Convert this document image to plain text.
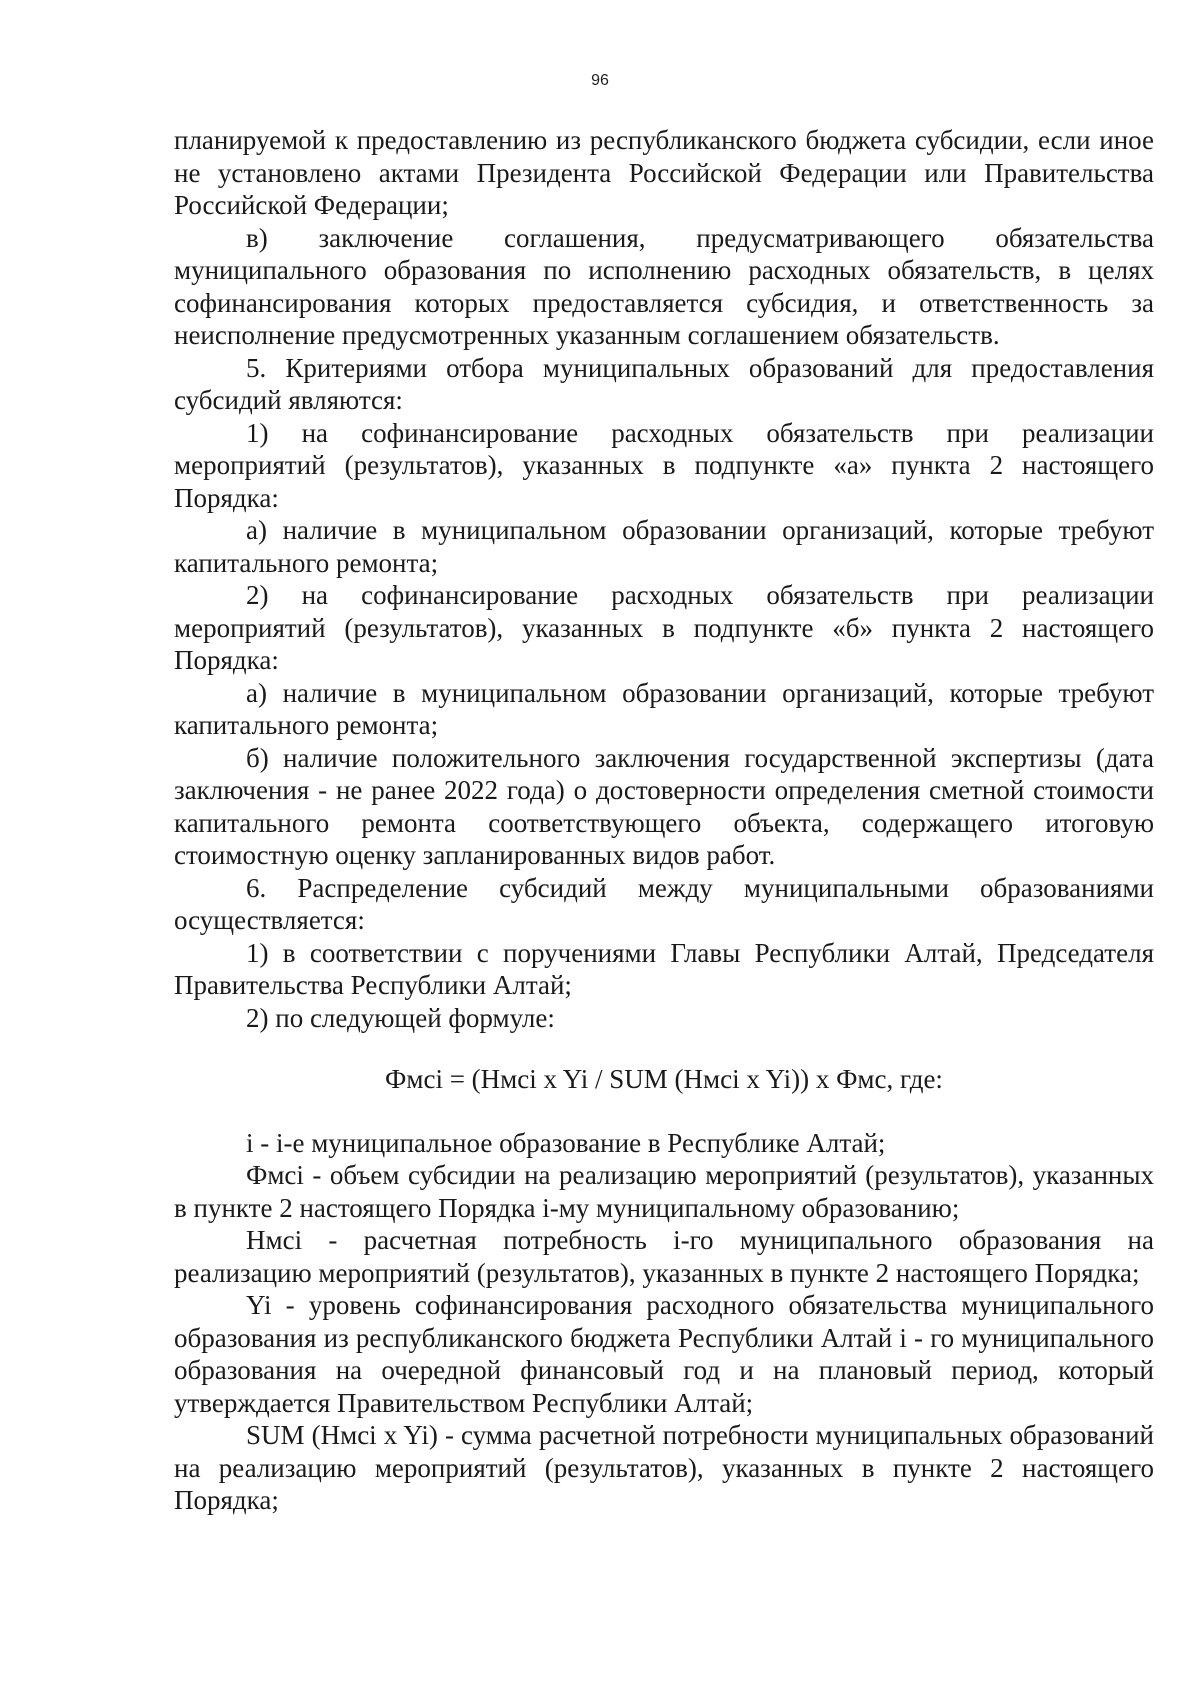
96

планируемой к предоставлению из республиканского бюджета субсидии, если иное не установлено актами Президента Российской Федерации или Правительства Российской Федерации;

в) заключение соглашения, предусматривающего обязательства муниципального образования по исполнению расходных обязательств, в целях софинансирования которых предоставляется субсидия, и ответственность за неисполнение предусмотренных указанным соглашением обязательств.

5. Критериями отбора муниципальных образований для предоставления субсидий являются:

1) на софинансирование расходных обязательств при реализации мероприятий (результатов), указанных в подпункте «а» пункта 2 настоящего Порядка:

а) наличие в муниципальном образовании организаций, которые требуют капитального ремонта;

2) на софинансирование расходных обязательств при реализации мероприятий (результатов), указанных в подпункте «б» пункта 2 настоящего Порядка:

а) наличие в муниципальном образовании организаций, которые требуют капитального ремонта;

б) наличие положительного заключения государственной экспертизы (дата заключения - не ранее 2022 года) о достоверности определения сметной стоимости капитального ремонта соответствующего объекта, содержащего итоговую стоимостную оценку запланированных видов работ.

6. Распределение субсидий между муниципальными образованиями осуществляется:

1) в соответствии с поручениями Главы Республики Алтай, Председателя Правительства Республики Алтай;

2) по следующей формуле:

Фмсi = (Нмсi x Yi / SUM (Нмсi x Yi)) x Фмс, где:

i - i-е муниципальное образование в Республике Алтай;

Фмсi - объем субсидии на реализацию мероприятий (результатов), указанных в пункте 2 настоящего Порядка i-му муниципальному образованию;

Нмсi - расчетная потребность i-го муниципального образования на реализацию мероприятий (результатов), указанных в пункте 2 настоящего Порядка;

Yi - уровень софинансирования расходного обязательства муниципального образования из республиканского бюджета Республики Алтай i - го муниципального образования на очередной финансовый год и на плановый период, который утверждается Правительством Республики Алтай;

SUM (Нмсi x Yi) - сумма расчетной потребности муниципальных образований на реализацию мероприятий (результатов), указанных в пункте 2 настоящего Порядка;
